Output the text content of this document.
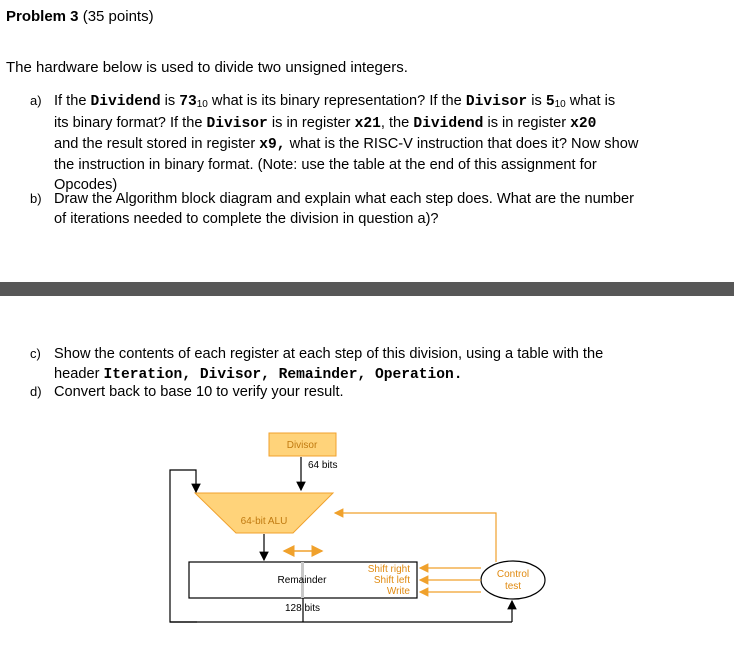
Problem 3 (35 points)
The hardware below is used to divide two unsigned integers.
a) If the Dividend is $73_{10}$ what is its binary representation? If the Divisor is $5_{10}$ what is
its binary format? If the Divisor is in register x21, the Dividend is in register x20
and the result stored in register x9, what is the RISC-V instruction that does it? Now show
the instruction in binary format. (Note: use the table at the end of this assignment for
Opcodes)
b) Draw the Algorithm block diagram and explain what each step does. What are the number
of iterations needed to complete the division in question a)?
c) Show the contents of each register at each step of this division, using a table with the
header Iteration, Divisor, Remainder, Operation.
d) Convert back to base 10 to verify your result.
Divisor
64 bits
64-bit ALU
Remainder
128 bits
Control
test
Shift right
Shift left
Write
